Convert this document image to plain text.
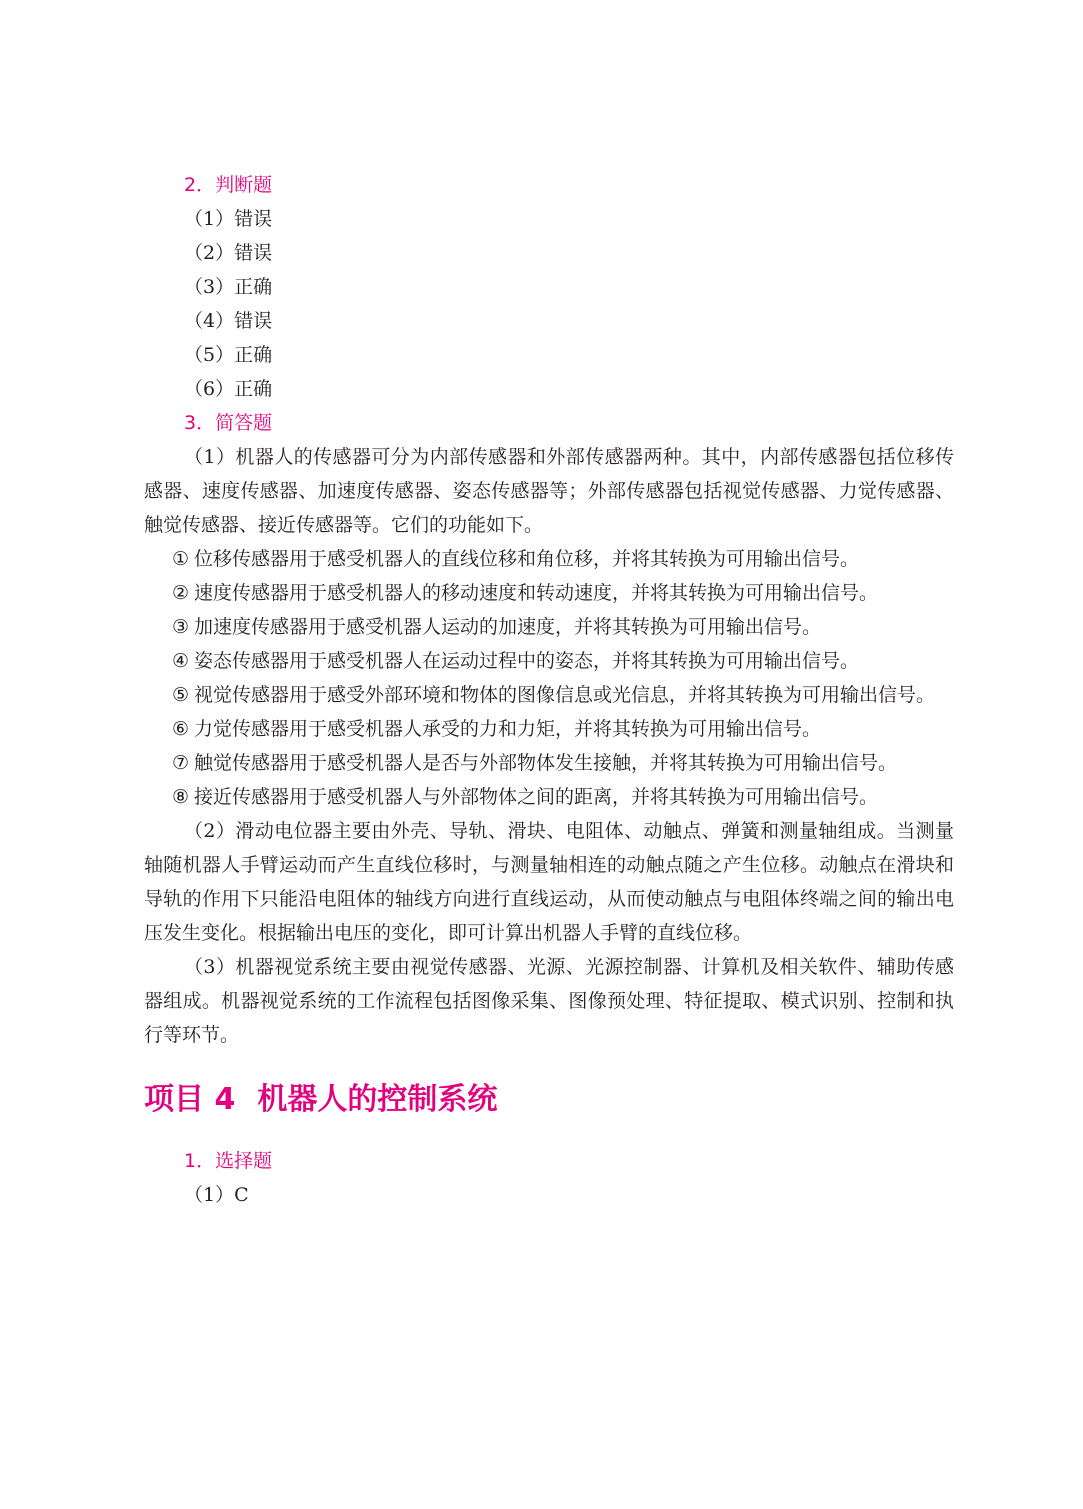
2．判断题
（1）错误
（2）错误
（3）正确
（4）错误
（5）正确
（6）正确
3．简答题

（1）机器人的传感器可分为内部传感器和外部传感器两种。其中，内部传感器包括位移传感器、速度传感器、加速度传感器、姿态传感器等；外部传感器包括视觉传感器、力觉传感器、触觉传感器、接近传感器等。它们的功能如下。

① 位移传感器用于感受机器人的直线位移和角位移，并将其转换为可用输出信号。

② 速度传感器用于感受机器人的移动速度和转动速度，并将其转换为可用输出信号。

③ 加速度传感器用于感受机器人运动的加速度，并将其转换为可用输出信号。

④ 姿态传感器用于感受机器人在运动过程中的姿态，并将其转换为可用输出信号。

⑤ 视觉传感器用于感受外部环境和物体的图像信息或光信息，并将其转换为可用输出信号。

⑥ 力觉传感器用于感受机器人承受的力和力矩，并将其转换为可用输出信号。

⑦ 触觉传感器用于感受机器人是否与外部物体发生接触，并将其转换为可用输出信号。

⑧ 接近传感器用于感受机器人与外部物体之间的距离，并将其转换为可用输出信号。

（2）滑动电位器主要由外壳、导轨、滑块、电阻体、动触点、弹簧和测量轴组成。当测量轴随机器人手臂运动而产生直线位移时，与测量轴相连的动触点随之产生位移。动触点在滑块和导轨的作用下只能沿电阻体的轴线方向进行直线运动，从而使动触点与电阻体终端之间的输出电压发生变化。根据输出电压的变化，即可计算出机器人手臂的直线位移。

（3）机器视觉系统主要由视觉传感器、光源、光源控制器、计算机及相关软件、辅助传感器组成。机器视觉系统的工作流程包括图像采集、图像预处理、特征提取、模式识别、控制和执行等环节。

项目 4 机器人的控制系统
1．选择题
（1）C
